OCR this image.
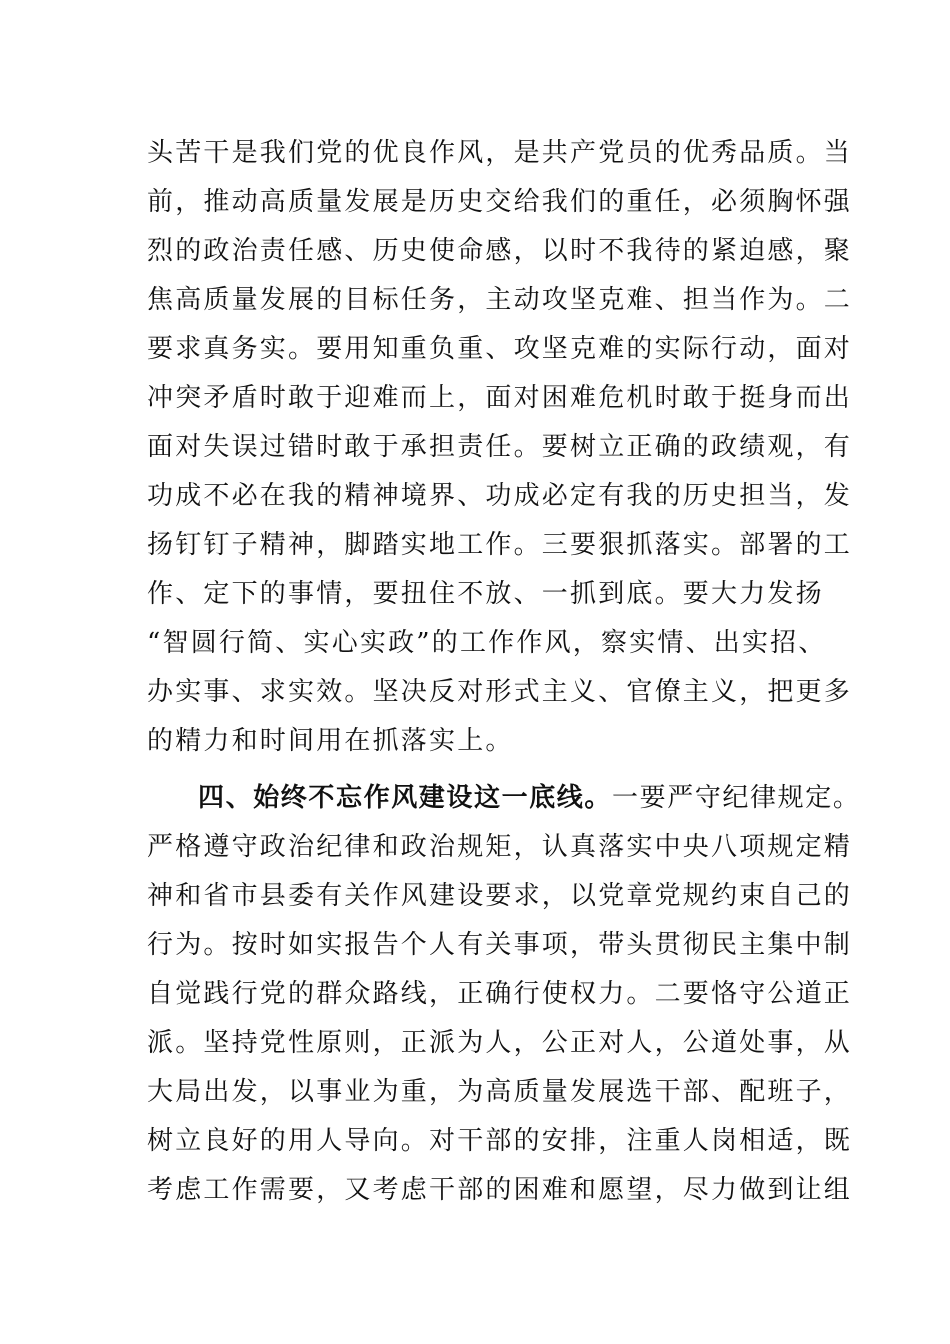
头苦干是我们党的优良作风，是共产党员的优秀品质。当
前，推动高质量发展是历史交给我们的重任，必须胸怀强
烈的政治责任感、历史使命感，以时不我待的紧迫感，聚
焦高质量发展的目标任务，主动攻坚克难、担当作为。二
要求真务实。要用知重负重、攻坚克难的实际行动，面对
冲突矛盾时敢于迎难而上，面对困难危机时敢于挺身而出
面对失误过错时敢于承担责任。要树立正确的政绩观，有
功成不必在我的精神境界、功成必定有我的历史担当，发
扬钉钉子精神，脚踏实地工作。三要狠抓落实。部署的工
作、定下的事情，要扭住不放、一抓到底。要大力发扬
“智圆行简、实心实政”的工作作风，察实情、出实招、
办实事、求实效。坚决反对形式主义、官僚主义，把更多
的精力和时间用在抓落实上。
四、始终不忘作风建设这一底线。一要严守纪律规定。
严格遵守政治纪律和政治规矩，认真落实中央八项规定精
神和省市县委有关作风建设要求，以党章党规约束自己的
行为。按时如实报告个人有关事项，带头贯彻民主集中制
自觉践行党的群众路线，正确行使权力。二要恪守公道正
派。坚持党性原则，正派为人，公正对人，公道处事，从
大局出发，以事业为重，为高质量发展选干部、配班子，
树立良好的用人导向。对干部的安排，注重人岗相适，既
考虑工作需要，又考虑干部的困难和愿望，尽力做到让组
